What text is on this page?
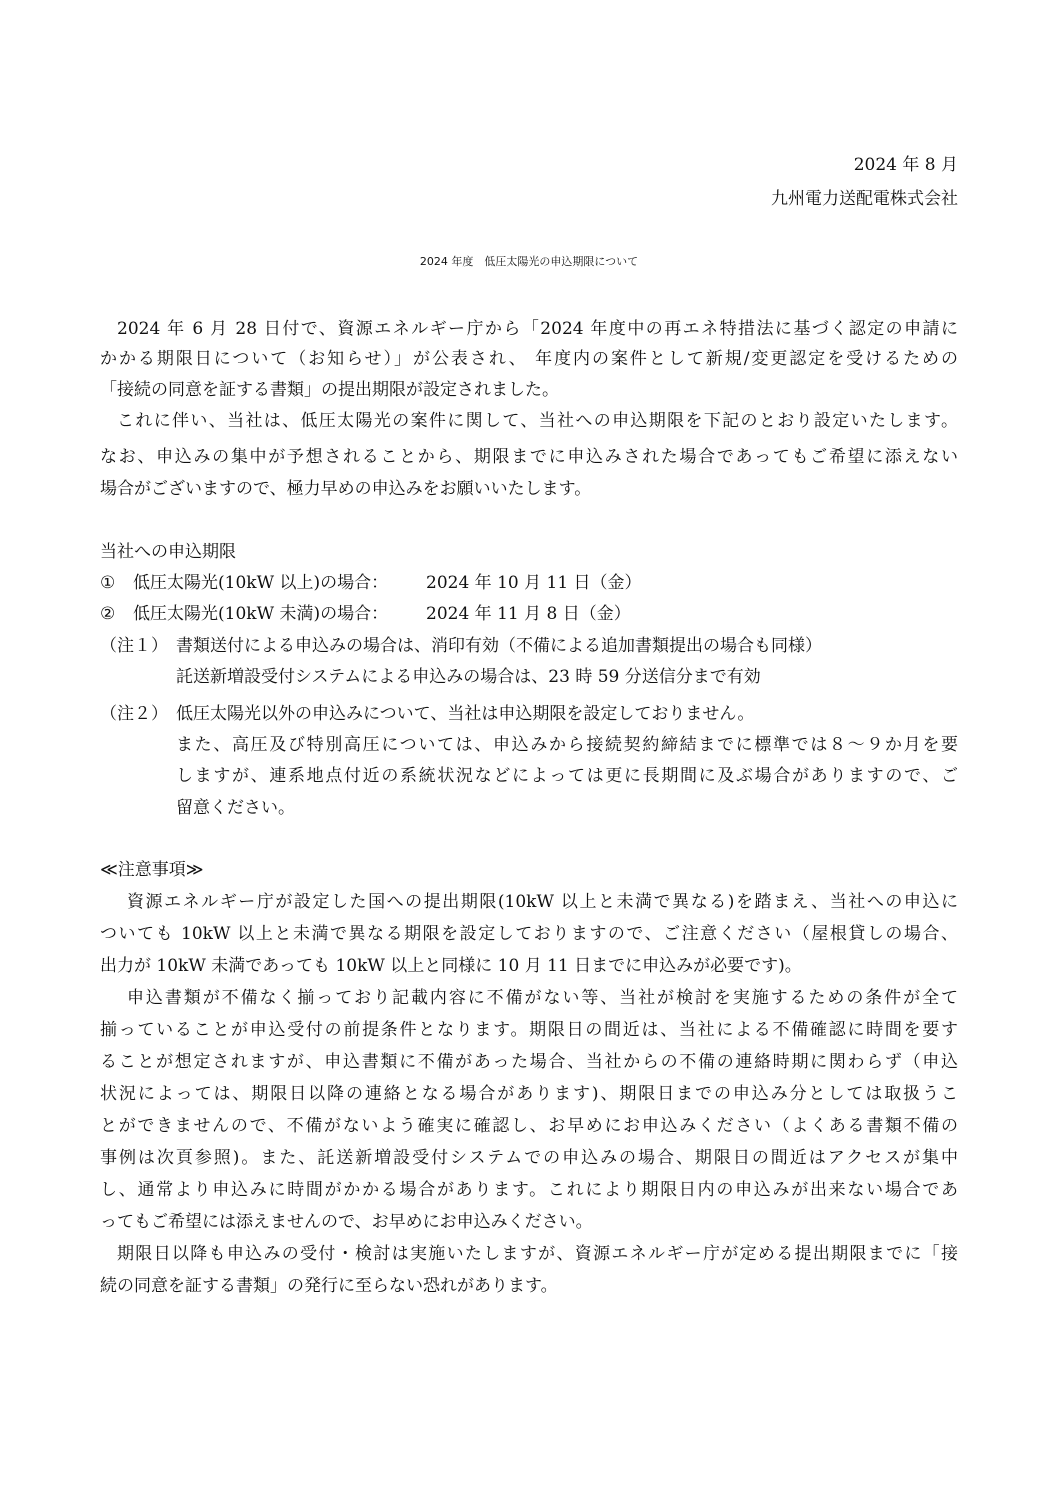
2024 年 8 月
九州電力送配電株式会社
2024 年度　低圧太陽光の申込期限について
2024 年 6 月 28 日付で、資源エネルギー庁から「2024 年度中の再エネ特措法に基づく認定の申請に
かかる期限日について（お知らせ）」が公表され、 年度内の案件として新規/変更認定を受けるための
「接続の同意を証する書類」の提出期限が設定されました。
これに伴い、当社は、低圧太陽光の案件に関して、当社への申込期限を下記のとおり設定いたします。
なお、申込みの集中が予想されることから、期限までに申込みされた場合であってもご希望に添えない
場合がございますので、極力早めの申込みをお願いいたします。
当社への申込期限
① 低圧太陽光(10kW 以上)の場合： 2024 年 10 月 11 日（金）
② 低圧太陽光(10kW 未満)の場合： 2024 年 11 月 8 日（金）
（注１） 書類送付による申込みの場合は、消印有効（不備による追加書類提出の場合も同様）
託送新増設受付システムによる申込みの場合は、23 時 59 分送信分まで有効
（注２） 低圧太陽光以外の申込みについて、当社は申込期限を設定しておりません。
また、高圧及び特別高圧については、申込みから接続契約締結までに標準では８～９か月を要
しますが、連系地点付近の系統状況などによっては更に長期間に及ぶ場合がありますので、ご
留意ください。
≪注意事項≫
資源エネルギー庁が設定した国への提出期限(10kW 以上と未満で異なる)を踏まえ、当社への申込に
ついても 10kW 以上と未満で異なる期限を設定しておりますので、ご注意ください（屋根貸しの場合、
出力が 10kW 未満であっても 10kW 以上と同様に 10 月 11 日までに申込みが必要です)。
申込書類が不備なく揃っており記載内容に不備がない等、当社が検討を実施するための条件が全て
揃っていることが申込受付の前提条件となります。期限日の間近は、当社による不備確認に時間を要す
ることが想定されますが、申込書類に不備があった場合、当社からの不備の連絡時期に関わらず（申込
状況によっては、期限日以降の連絡となる場合があります)、期限日までの申込み分としては取扱うこ
とができませんので、不備がないよう確実に確認し、お早めにお申込みください（よくある書類不備の
事例は次頁参照)。また、託送新増設受付システムでの申込みの場合、期限日の間近はアクセスが集中
し、通常より申込みに時間がかかる場合があります。これにより期限日内の申込みが出来ない場合であ
ってもご希望には添えませんので、お早めにお申込みください。
期限日以降も申込みの受付・検討は実施いたしますが、資源エネルギー庁が定める提出期限までに「接
続の同意を証する書類」の発行に至らない恐れがあります。
